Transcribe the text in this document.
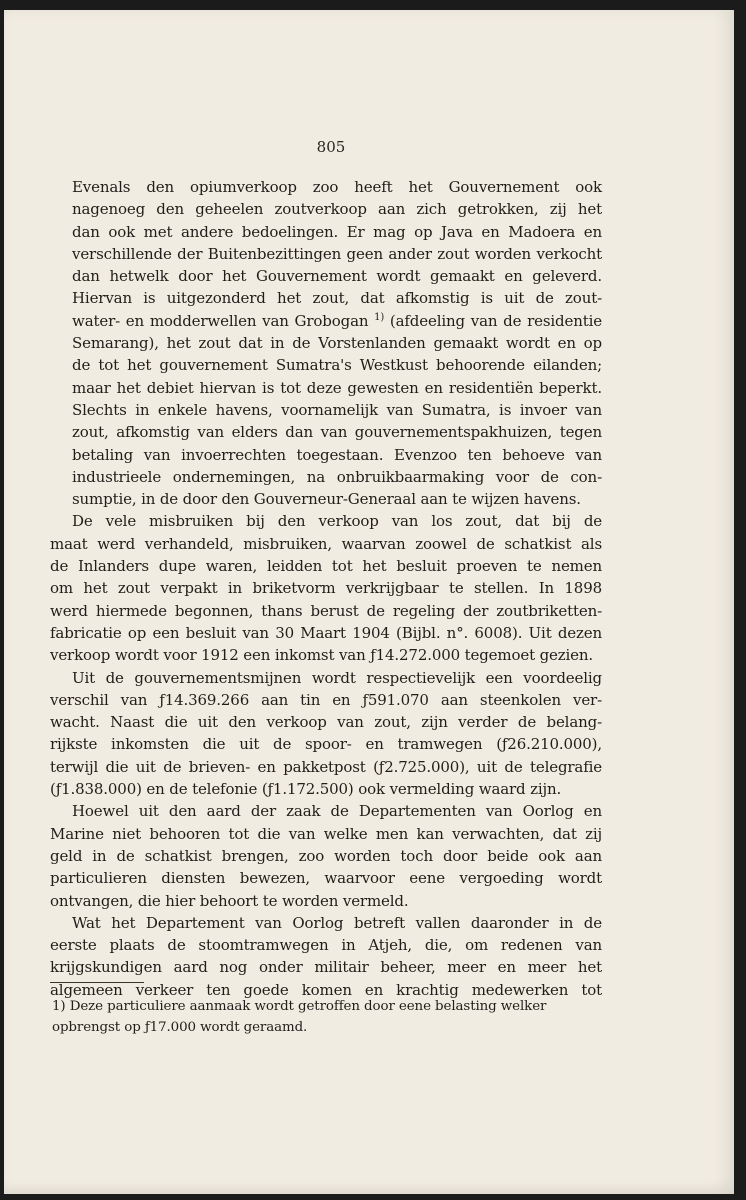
805

Evenals den opiumverkoop zoo heeft het Gouvernement ook
nagenoeg den geheelen zoutverkoop aan zich getrokken, zij het
dan ook met andere bedoelingen. Er mag op Java en Madoera en
verschillende der Buitenbezittingen geen ander zout worden verkocht
dan hetwelk door het Gouvernement wordt gemaakt en geleverd.
Hiervan is uitgezonderd het zout, dat afkomstig is uit de zout-
water- en modderwellen van Grobogan $^{1)}$ (afdeeling van de residentie
Semarang), het zout dat in de Vorstenlanden gemaakt wordt en op
de tot het gouvernement Sumatra's Westkust behoorende eilanden;
maar het debiet hiervan is tot deze gewesten en residentiën beperkt.
Slechts in enkele havens, voornamelijk van Sumatra, is invoer van
zout, afkomstig van elders dan van gouvernementspakhuizen, tegen
betaling van invoerrechten toegestaan. Evenzoo ten behoeve van
industrieele ondernemingen, na onbruikbaarmaking voor de con-
sumptie, in de door den Gouverneur-Generaal aan te wijzen havens.

De vele misbruiken bij den verkoop van los zout, dat bij de
maat werd verhandeld, misbruiken, waarvan zoowel de schatkist als
de Inlanders dupe waren, leidden tot het besluit proeven te nemen
om het zout verpakt in briketvorm verkrijgbaar te stellen. In 1898
werd hiermede begonnen, thans berust de regeling der zoutbriketten-
fabricatie op een besluit van 30 Maart 1904 (Bijbl. n°. 6008). Uit dezen
verkoop wordt voor 1912 een inkomst van ƒ14.272.000 tegemoet gezien.

Uit de gouvernementsmijnen wordt respectievelijk een voordeelig
verschil van ƒ14.369.266 aan tin en ƒ591.070 aan steenkolen ver-
wacht. Naast die uit den verkoop van zout, zijn verder de belang-
rijkste inkomsten die uit de spoor- en tramwegen (ƒ26.210.000),
terwijl die uit de brieven- en pakketpost (ƒ2.725.000), uit de telegrafie
(ƒ1.838.000) en de telefonie (ƒ1.172.500) ook vermelding waard zijn.

Hoewel uit den aard der zaak de Departementen van Oorlog en
Marine niet behooren tot die van welke men kan verwachten, dat zij
geld in de schatkist brengen, zoo worden toch door beide ook aan
particulieren diensten bewezen, waarvoor eene vergoeding wordt
ontvangen, die hier behoort te worden vermeld.

Wat het Departement van Oorlog betreft vallen daaronder in de
eerste plaats de stoomtramwegen in Atjeh, die, om redenen van
krijgskundigen aard nog onder militair beheer, meer en meer het
algemeen verkeer ten goede komen en krachtig medewerken tot

1) Deze particuliere aanmaak wordt getroffen door eene belasting welker
opbrengst op ƒ17.000 wordt geraamd.
